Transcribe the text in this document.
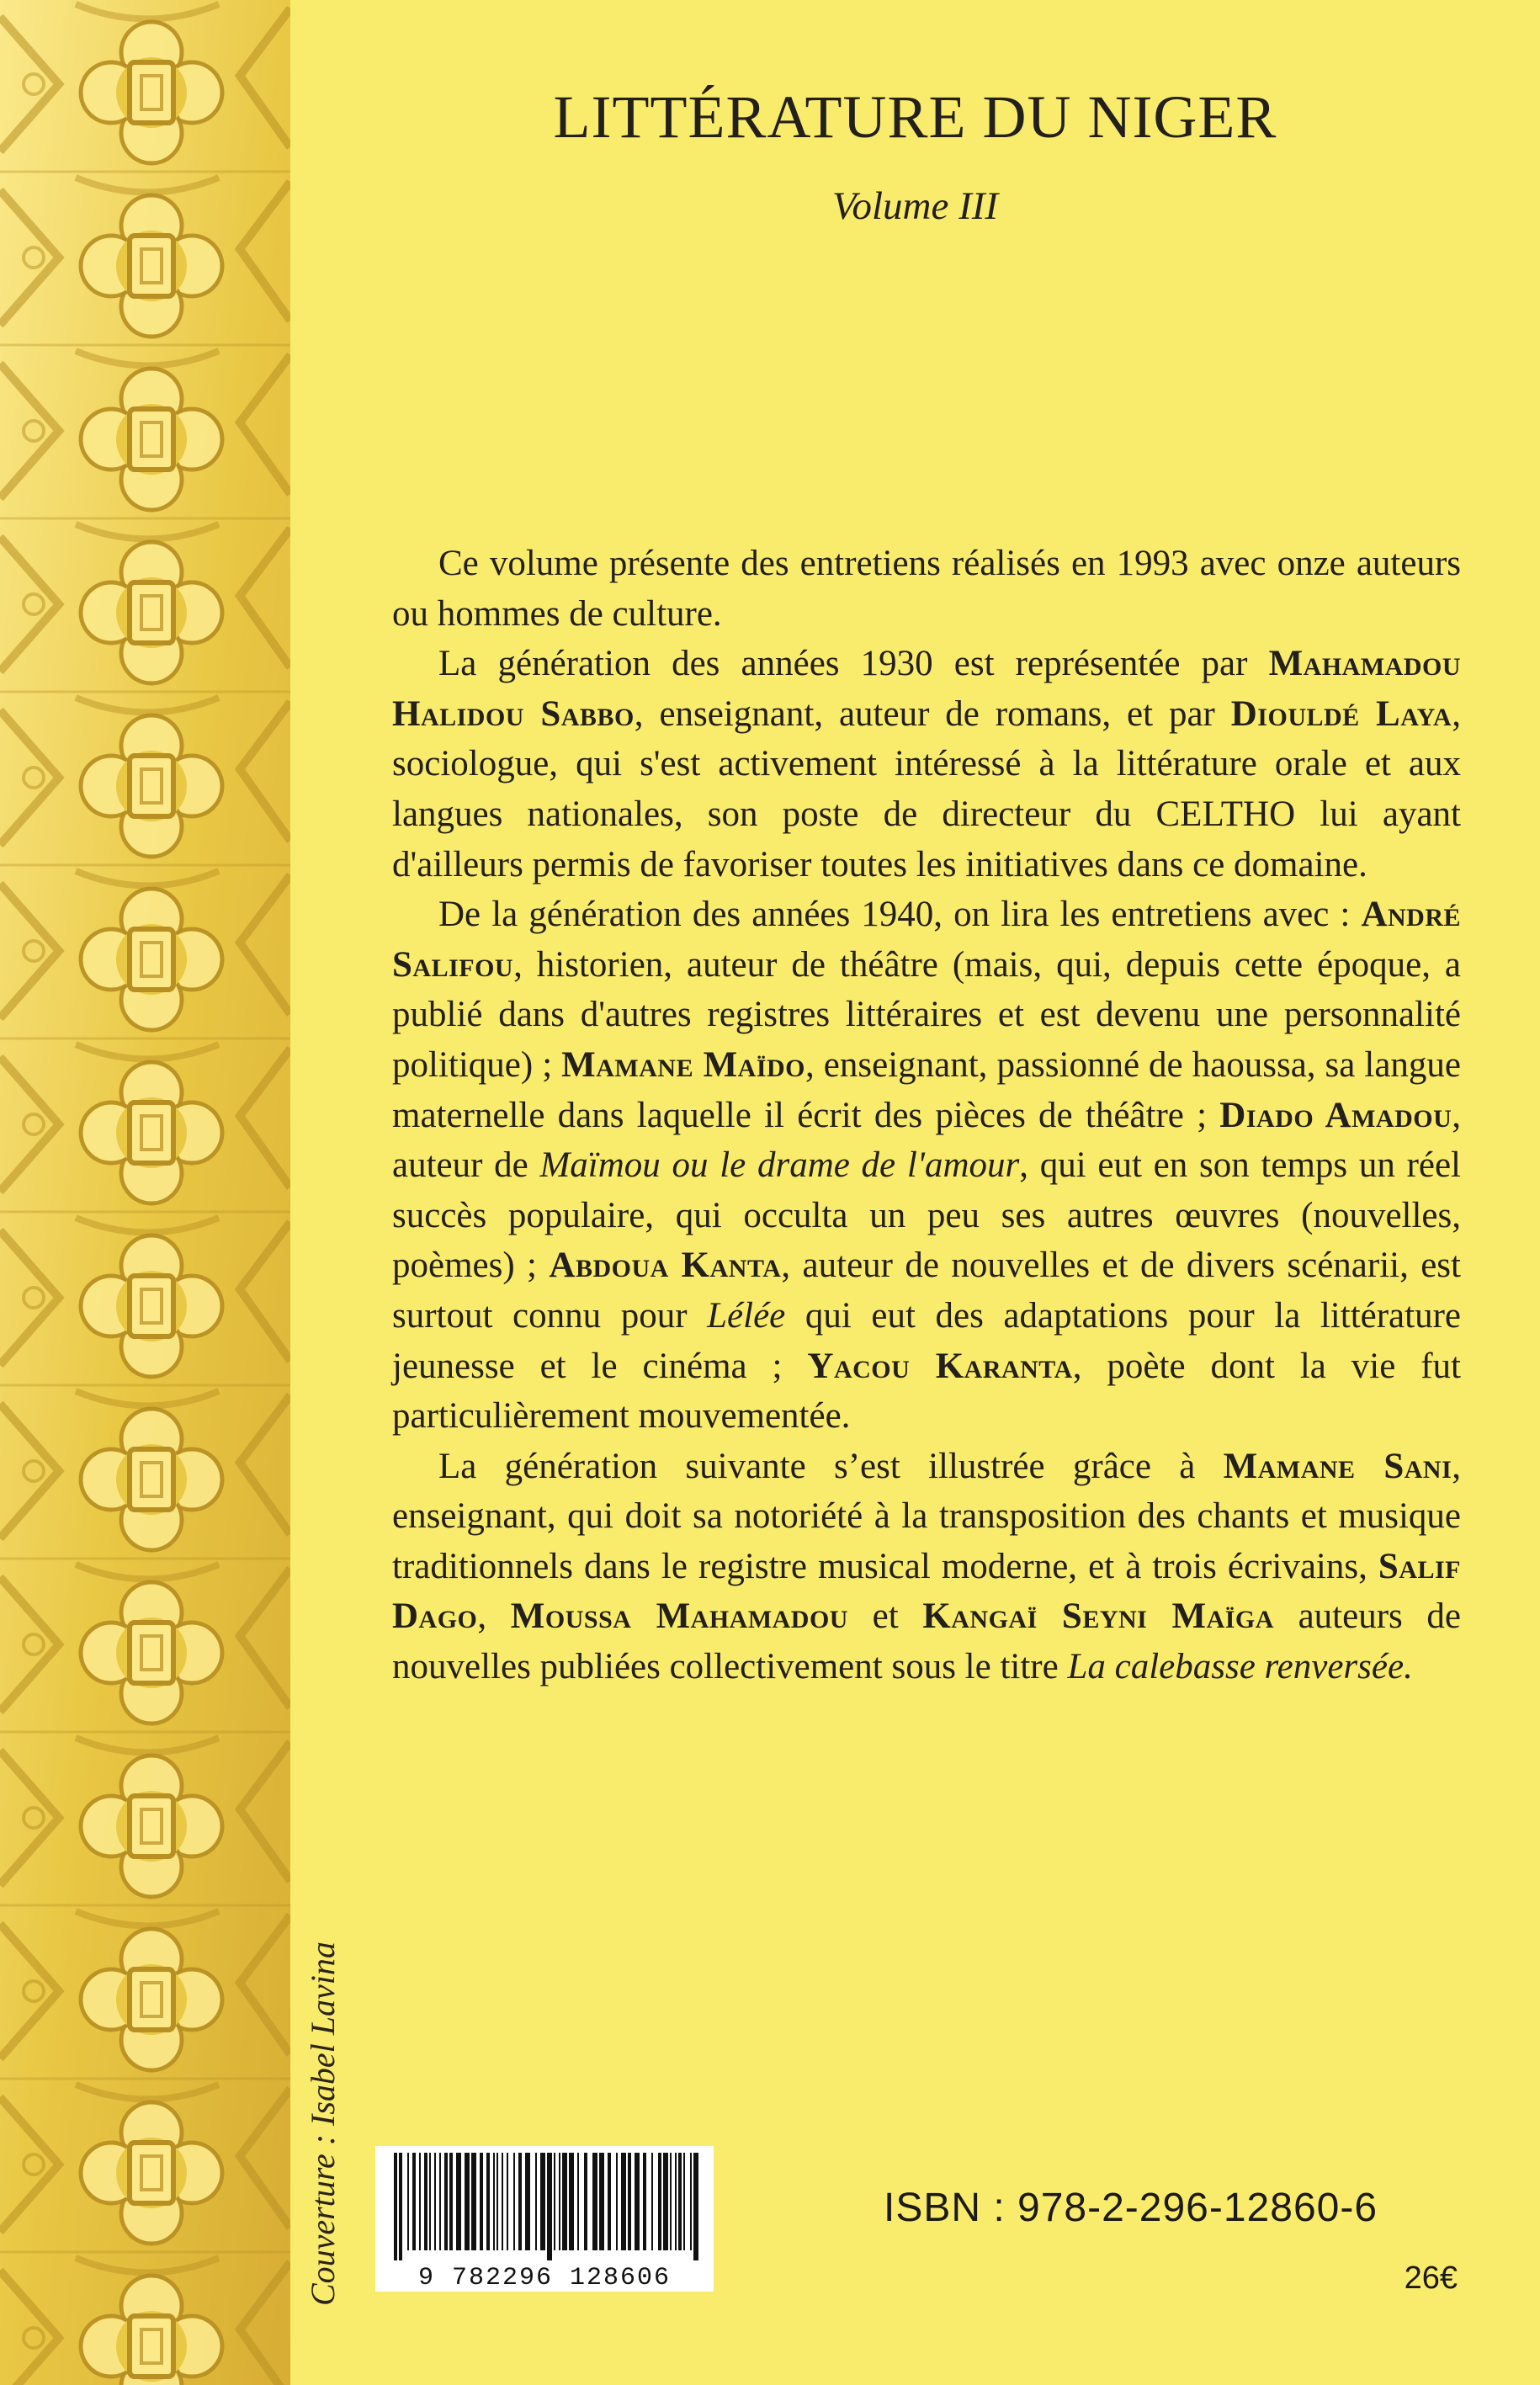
Couverture : Isabel Lavina
LITTÉRATURE DU NIGER
Volume III

Ce volume présente des entretiens réalisés en 1993 avec onze auteurs ou hommes de culture.

La génération des années 1930 est représentée par Mahamadou Halidou Sabbo, enseignant, auteur de romans, et par Diouldé Laya, sociologue, qui s'est activement intéressé à la littérature orale et aux langues nationales, son poste de directeur du CELTHO lui ayant d'ailleurs permis de favoriser toutes les initiatives dans ce domaine.

De la génération des années 1940, on lira les entretiens avec : André Salifou, historien, auteur de théâtre (mais, qui, depuis cette époque, a publié dans d'autres registres littéraires et est devenu une personnalité politique) ; Mamane Maïdo, enseignant, passionné de haoussa, sa langue maternelle dans laquelle il écrit des pièces de théâtre ; Diado Amadou, auteur de Maïmou ou le drame de l'amour, qui eut en son temps un réel succès populaire, qui occulta un peu ses autres œuvres (nouvelles, poèmes) ; Abdoua Kanta, auteur de nouvelles et de divers scénarii, est surtout connu pour Lélée qui eut des adaptations pour la littérature jeunesse et le cinéma ; Yacou Karanta, poète dont la vie fut particulièrement mouvementée.

La génération suivante s’est illustrée grâce à Mamane Sani, enseignant, qui doit sa notoriété à la transposition des chants et musique traditionnels dans le registre musical moderne, et à trois écrivains, Salif Dago, Moussa Mahamadou et Kangaï Seyni Maïga auteurs de nouvelles publiées collectivement sous le titre La calebasse renversée.

9 782296 128606
ISBN : 978-2-296-12860-6
26€
